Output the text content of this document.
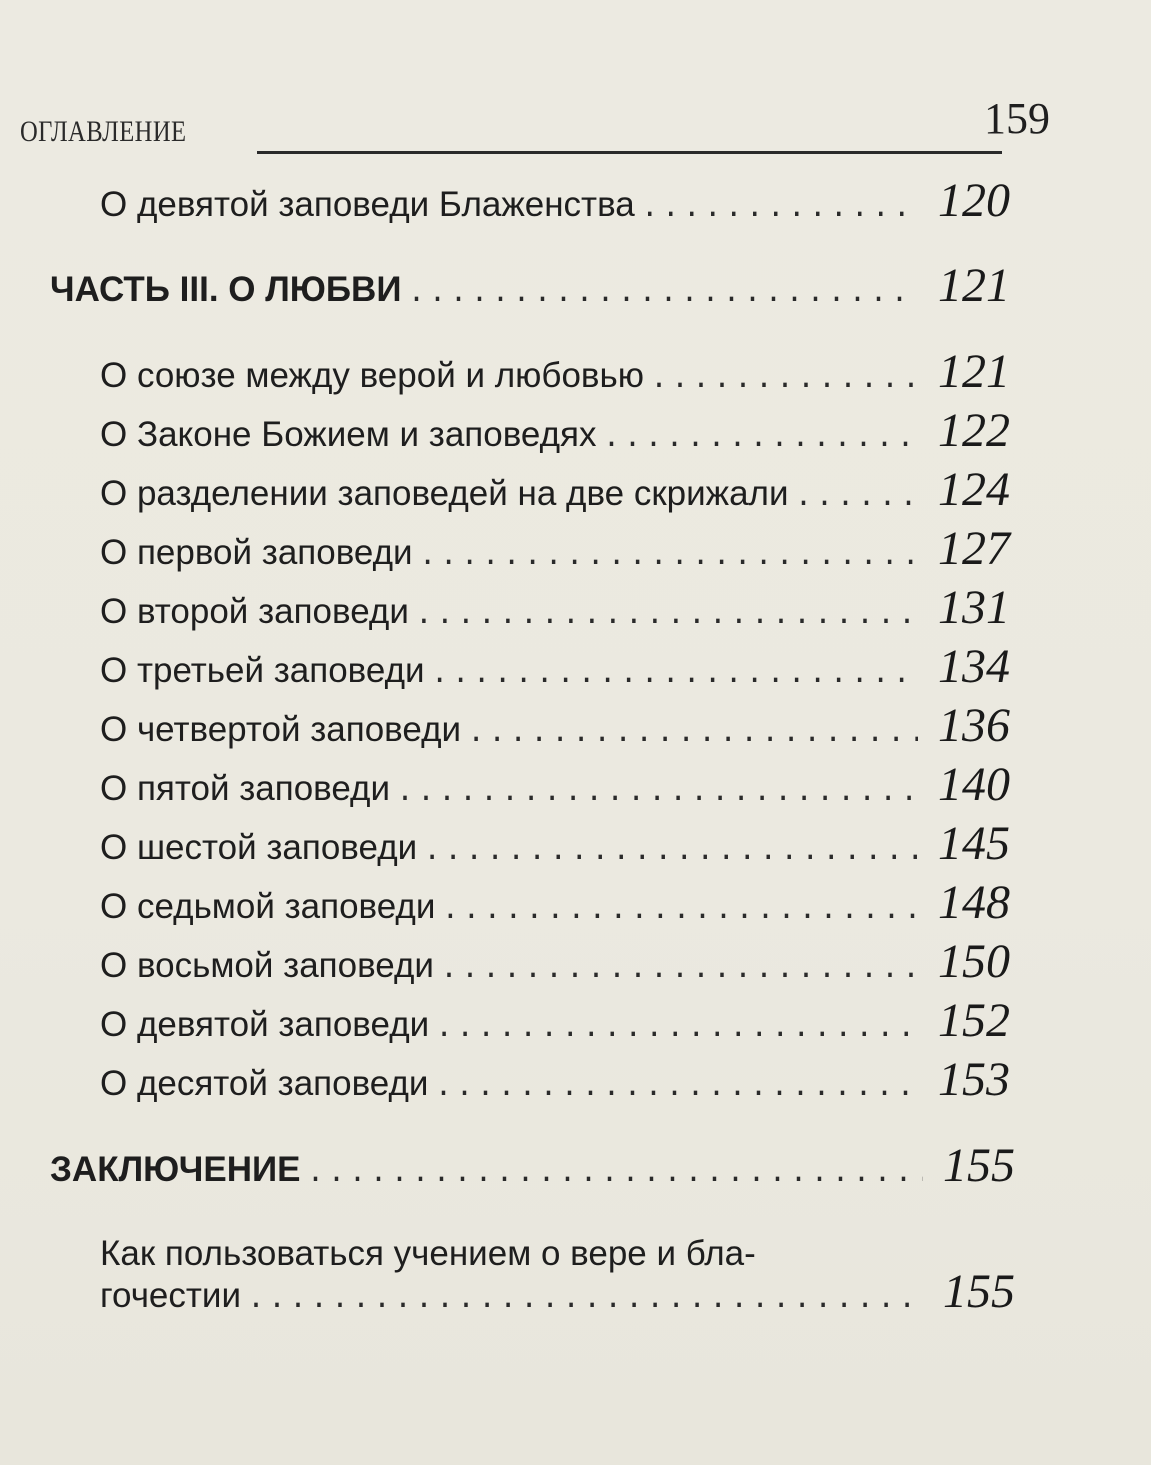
ОГЛАВЛЕНИЕ	159
О девятой заповеди Блаженства .....	120
ЧАСТЬ III. О ЛЮБВИ .....	121
О союзе между верой и любовью .....	121
О Законе Божием и заповедях .....	122
О разделении заповедей на две скрижали .....	124
О первой заповеди .....	127
О второй заповеди .....	131
О третьей заповеди .....	134
О четвертой заповеди .....	136
О пятой заповеди .....	140
О шестой заповеди .....	145
О седьмой заповеди .....	148
О восьмой заповеди .....	150
О девятой заповеди .....	152
О десятой заповеди .....	153
ЗАКЛЮЧЕНИЕ .....	155
Как пользоваться учением о вере и бла-
гочестии .....	155
